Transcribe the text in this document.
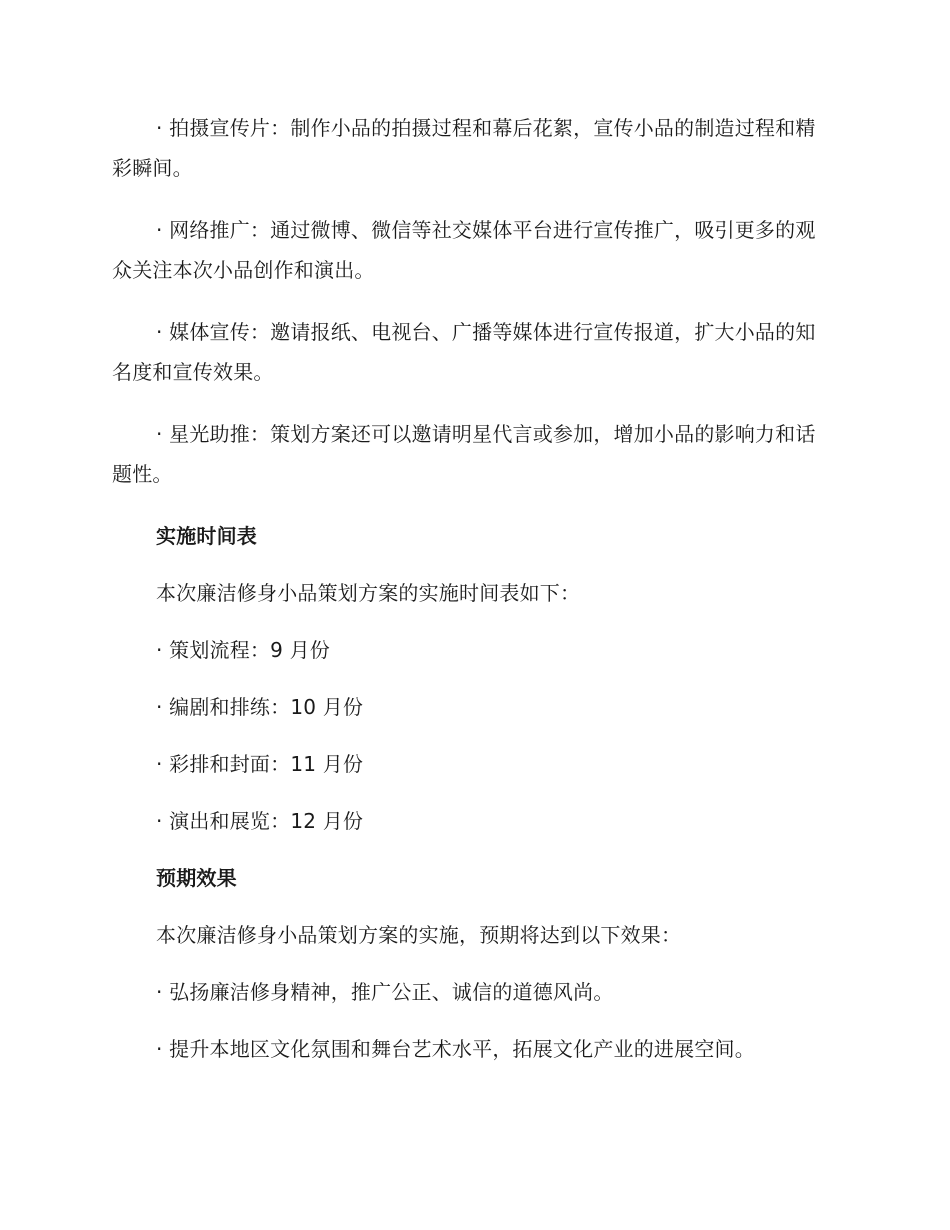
· 拍摄宣传片：制作小品的拍摄过程和幕后花絮，宣传小品的制造过程和精彩瞬间。

· 网络推广：通过微博、微信等社交媒体平台进行宣传推广，吸引更多的观众关注本次小品创作和演出。

· 媒体宣传：邀请报纸、电视台、广播等媒体进行宣传报道，扩大小品的知名度和宣传效果。

· 星光助推：策划方案还可以邀请明星代言或参加，增加小品的影响力和话题性。

实施时间表
本次廉洁修身小品策划方案的实施时间表如下：
· 策划流程：9 月份
· 编剧和排练：10 月份
· 彩排和封面：11 月份
· 演出和展览：12 月份
预期效果
本次廉洁修身小品策划方案的实施，预期将达到以下效果：
· 弘扬廉洁修身精神，推广公正、诚信的道德风尚。
· 提升本地区文化氛围和舞台艺术水平，拓展文化产业的进展空间。
